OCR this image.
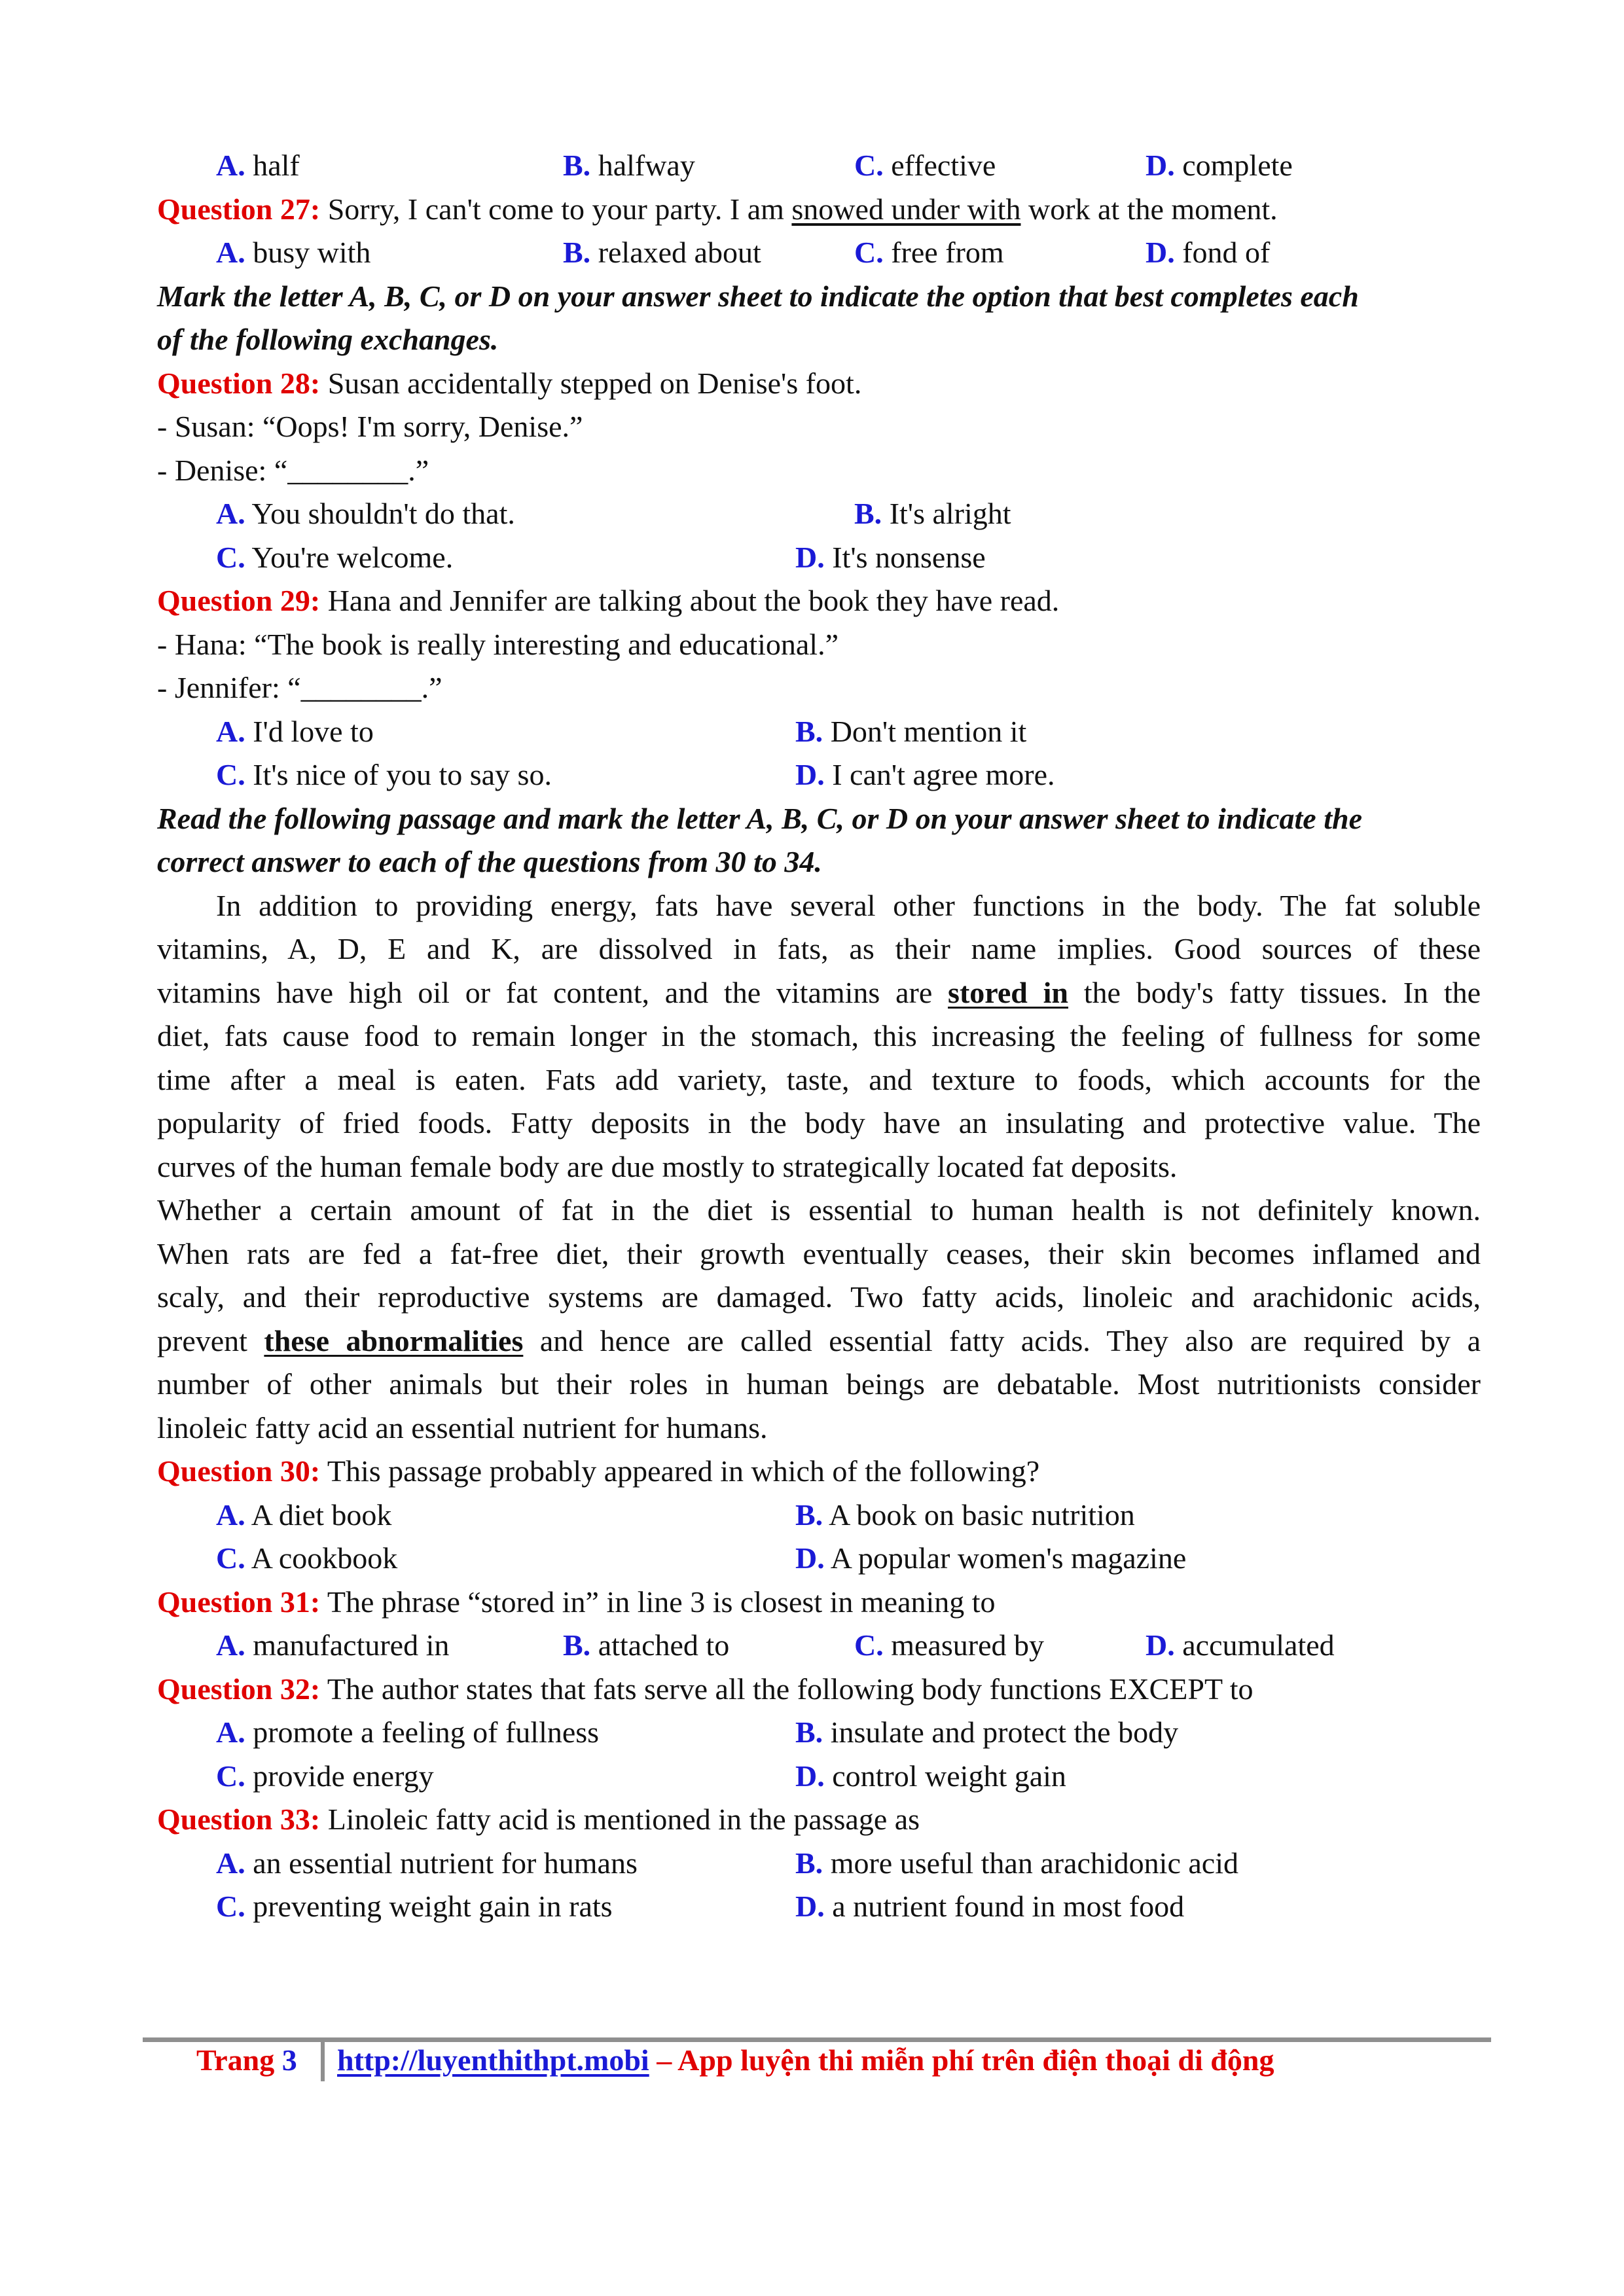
A. half	B. halfway	C. effective	D. complete
Question 27: Sorry, I can't come to your party. I am snowed under with work at the moment.
A. busy with	B. relaxed about	C. free from	D. fond of
Mark the letter A, B, C, or D on your answer sheet to indicate the option that best completes each
of the following exchanges.
Question 28: Susan accidentally stepped on Denise's foot.
- Susan: “Oops! I'm sorry, Denise.”
- Denise: “________.”
A. You shouldn't do that.	B. It's alright
C. You're welcome.	D. It's nonsense
Question 29: Hana and Jennifer are talking about the book they have read.
- Hana: “The book is really interesting and educational.”
- Jennifer: “________.”
A. I'd love to	B. Don't mention it
C. It's nice of you to say so.	D. I can't agree more.
Read the following passage and mark the letter A, B, C, or D on your answer sheet to indicate the
correct answer to each of the questions from 30 to 34.
In addition to providing energy, fats have several other functions in the body. The fat soluble
vitamins, A, D, E and K, are dissolved in fats, as their name implies. Good sources of these
vitamins have high oil or fat content, and the vitamins are stored in the body's fatty tissues. In the
diet, fats cause food to remain longer in the stomach, this increasing the feeling of fullness for some
time after a meal is eaten. Fats add variety, taste, and texture to foods, which accounts for the
popularity of fried foods. Fatty deposits in the body have an insulating and protective value. The
curves of the human female body are due mostly to strategically located fat deposits.
Whether a certain amount of fat in the diet is essential to human health is not definitely known.
When rats are fed a fat-free diet, their growth eventually ceases, their skin becomes inflamed and
scaly, and their reproductive systems are damaged. Two fatty acids, linoleic and arachidonic acids,
prevent these abnormalities and hence are called essential fatty acids. They also are required by a
number of other animals but their roles in human beings are debatable. Most nutritionists consider
linoleic fatty acid an essential nutrient for humans.
Question 30: This passage probably appeared in which of the following?
A. A diet book	B. A book on basic nutrition
C. A cookbook	D. A popular women's magazine
Question 31: The phrase “stored in” in line 3 is closest in meaning to
A. manufactured in	B. attached to	C. measured by	D. accumulated
Question 32: The author states that fats serve all the following body functions EXCEPT to
A. promote a feeling of fullness	B. insulate and protect the body
C. provide energy	D. control weight gain
Question 33: Linoleic fatty acid is mentioned in the passage as
A. an essential nutrient for humans	B. more useful than arachidonic acid
C. preventing weight gain in rats	D. a nutrient found in most food
Trang 3 http://luyenthithpt.mobi – App luyện thi miễn phí trên điện thoại di động
